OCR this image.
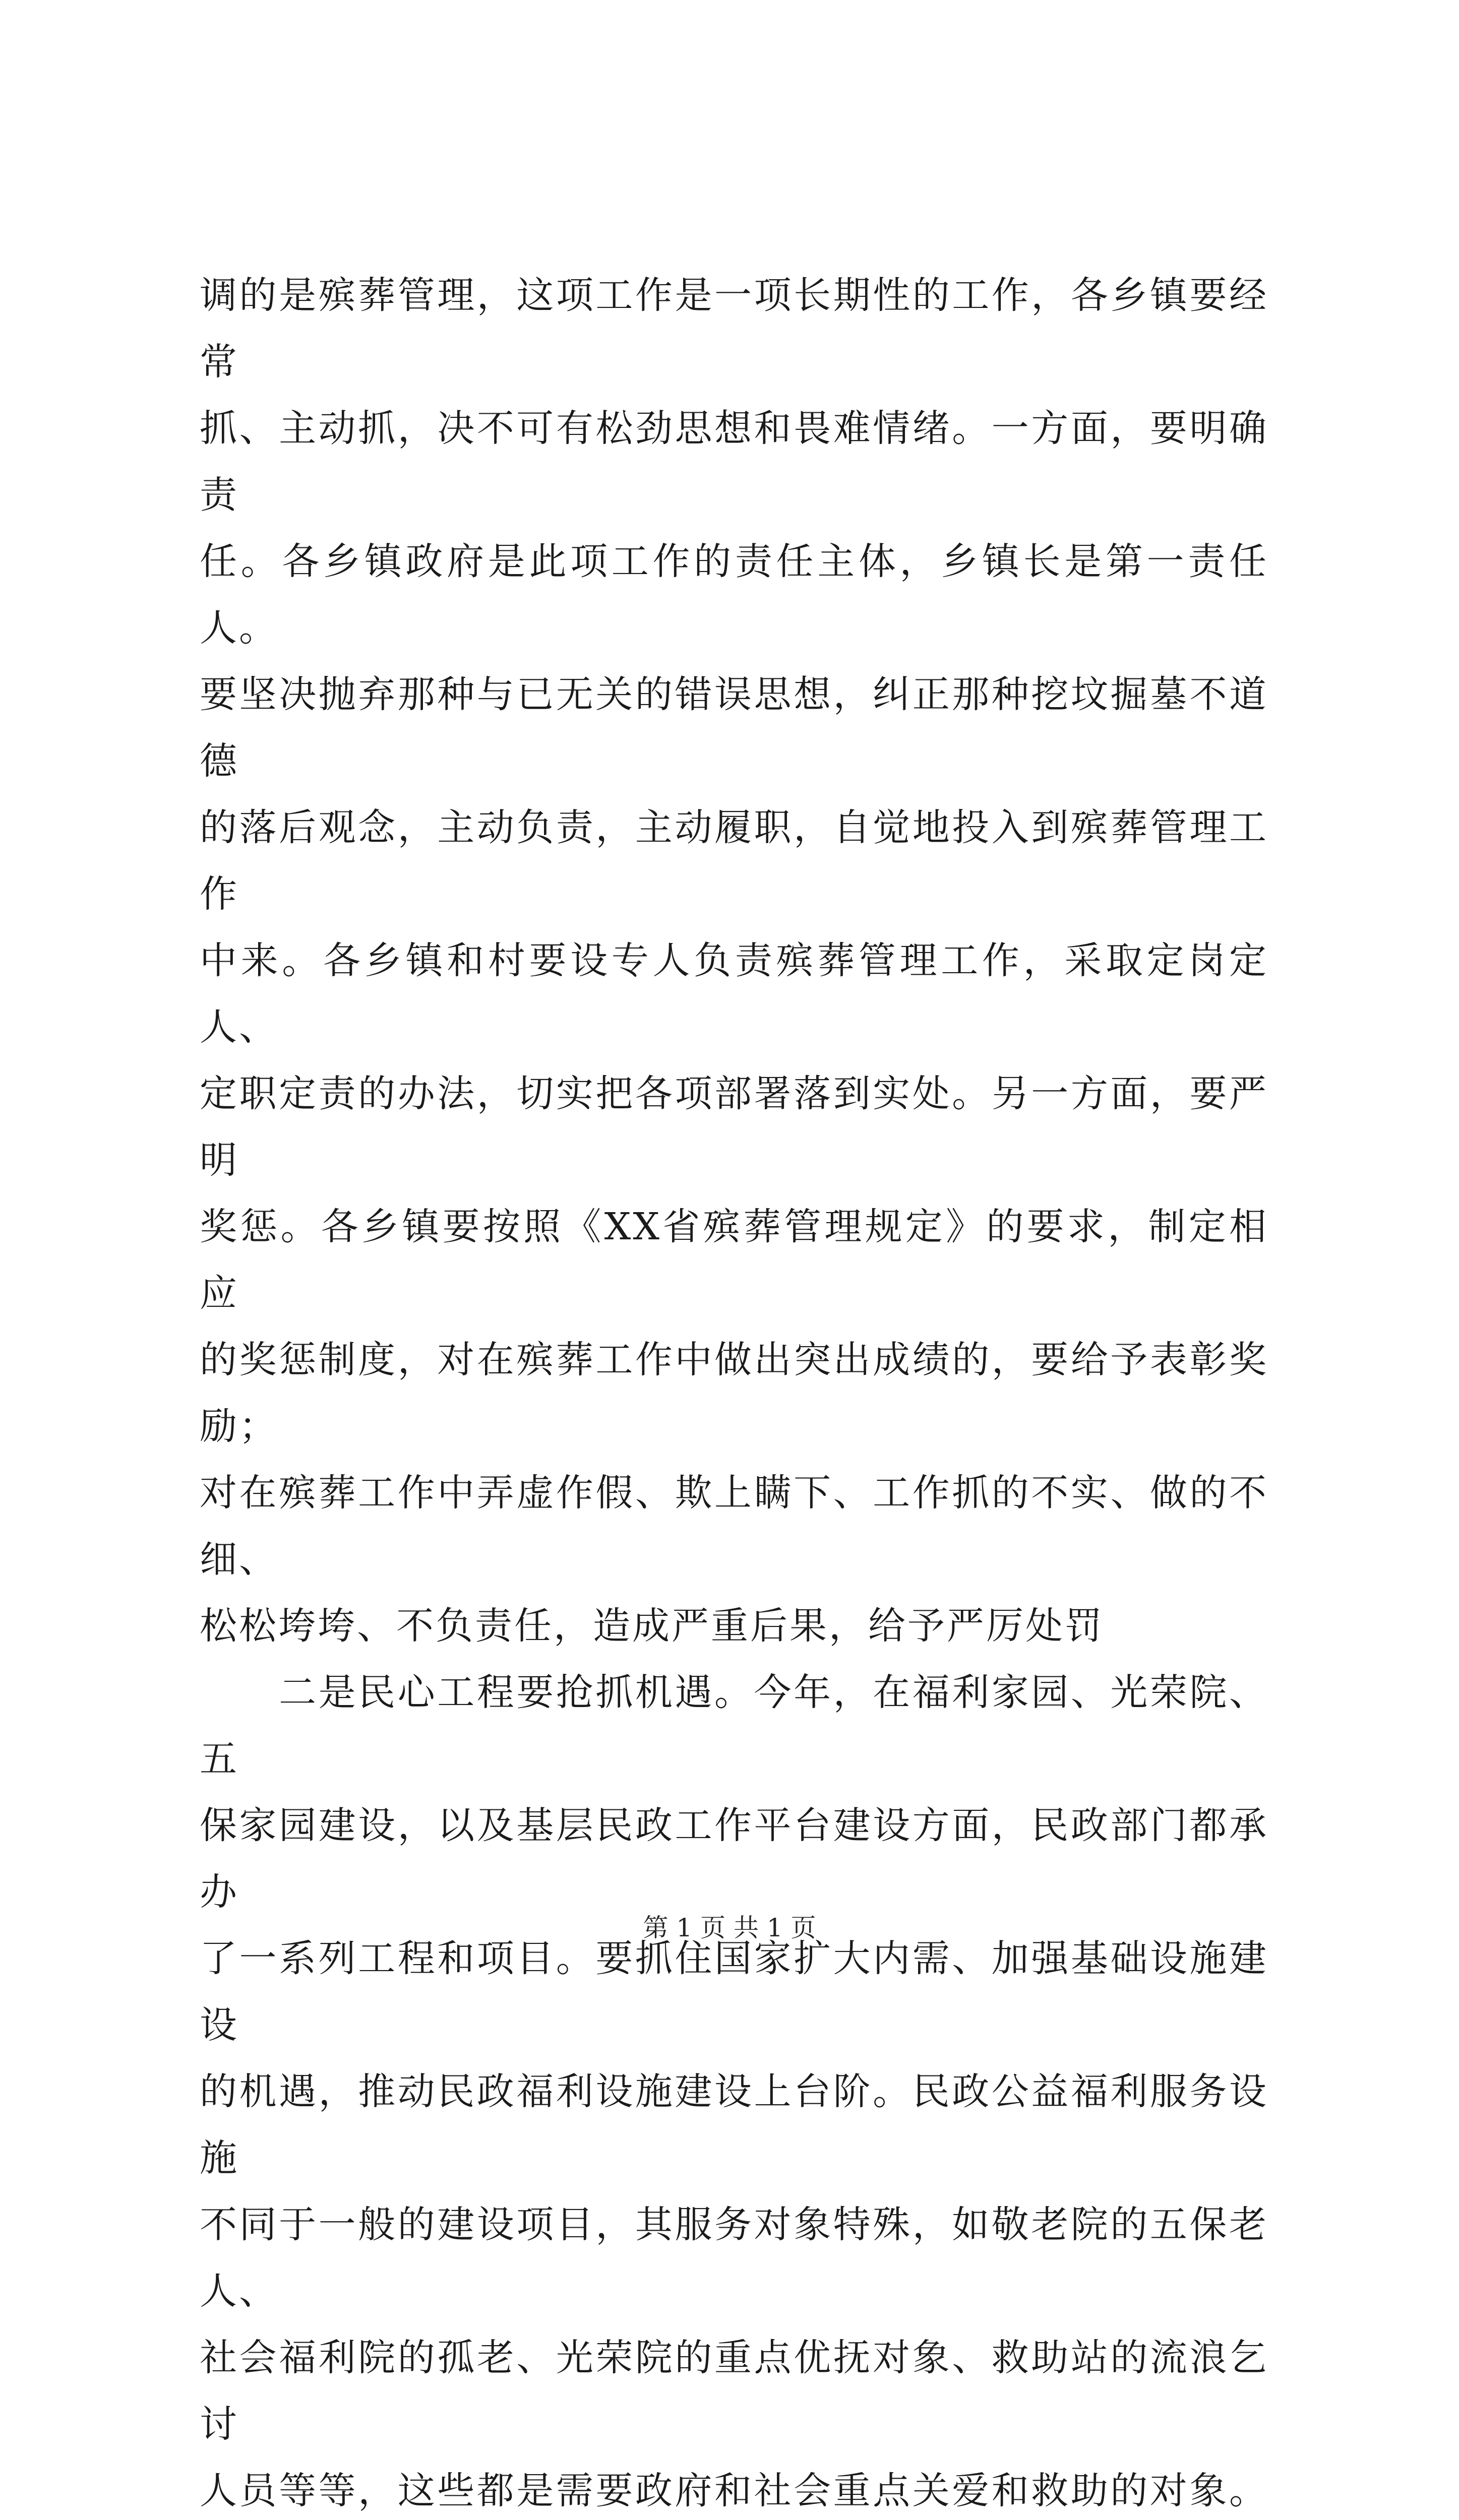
调的是殡葬管理，这项工作是一项长期性的工作，各乡镇要经常
抓、主动抓，决不可有松劲思想和畏难情绪。一方面，要明确责
任。各乡镇政府是此项工作的责任主体，乡镇长是第一责任人。
要坚决抛弃那种与已无关的错误思想，纠正那种挖坟掘墓不道德
的落后观念，主动负责，主动履职，自觉地投入到殡葬管理工作
中来。各乡镇和村要设专人负责殡葬管理工作，采取定岗定人、
定职定责的办法，切实把各项部署落到实处。另一方面，要严明
奖惩。各乡镇要按照《XX省殡葬管理规定》的要求，制定相应
的奖惩制度，对在殡葬工作中做出突出成绩的，要给予表彰奖励；
对在殡葬工作中弄虚作假、欺上瞒下、工作抓的不实、做的不细、
松松垮垮、不负责任，造成严重后果，给予严厉处罚

　　二是民心工程要抢抓机遇。今年，在福利家园、光荣院、五
保家园建设，以及基层民政工作平台建设方面，民政部门都承办
了一系列工程和项目。要抓住国家扩大内需、加强基础设施建设
的机遇，推动民政福利设施建设上台阶。民政公益福利服务设施
不同于一般的建设项目，其服务对象特殊，如敬老院的五保老人、
社会福利院的孤老、光荣院的重点优抚对象、救助站的流浪乞讨
人员等等，这些都是需要政府和社会重点关爱和救助的对象。

第 1 页 共 1 页
